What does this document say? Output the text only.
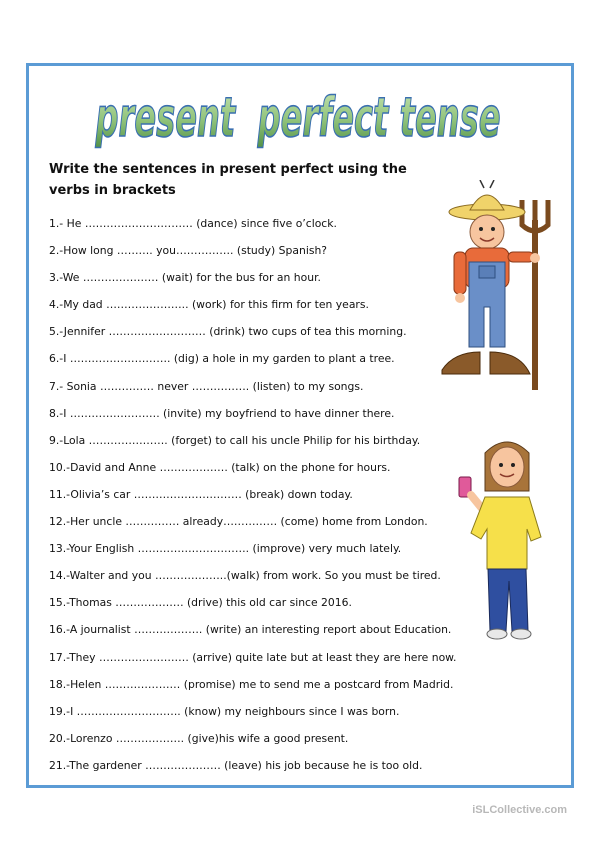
present  perfect tense
Write the sentences in present perfect using the verbs in brackets
1.- He ………………………… (dance) since five o’clock.
2.-How long ………. you……………. (study) Spanish?
3.-We ………………… (wait) for the bus for an hour.
4.-My dad ………………….. (work) for this firm for ten years.
5.-Jennifer ……………………… (drink) two cups of tea this morning.
6.-I ………………………. (dig) a hole in my garden to plant a tree.
7.- Sonia …………… never ……………. (listen) to my songs.
8.-I ……………………. (invite) my boyfriend to have dinner there.
9.-Lola …………………. (forget) to call his uncle Philip for his birthday.
10.-David and Anne ………………. (talk) on the phone for hours.
11.-Olivia’s car ………………………… (break) down today.
12.-Her uncle …………… already…………… (come) home from London.
13.-Your English …………………………. (improve) very much lately.
14.-Walter and you ………………..(walk) from work. So you must be tired.
15.-Thomas ………………. (drive) this old car since 2016.
16.-A journalist ………………. (write) an interesting report about Education.
17.-They ……………………. (arrive) quite late but at least they are here now.
18.-Helen ………………… (promise) me to send me a postcard from Madrid.
19.-I ……………………….. (know) my neighbours since I was born.
20.-Lorenzo ………………. (give)his wife a good present.
21.-The gardener ………………… (leave) his job because he is too old.
iSLCollective.com
